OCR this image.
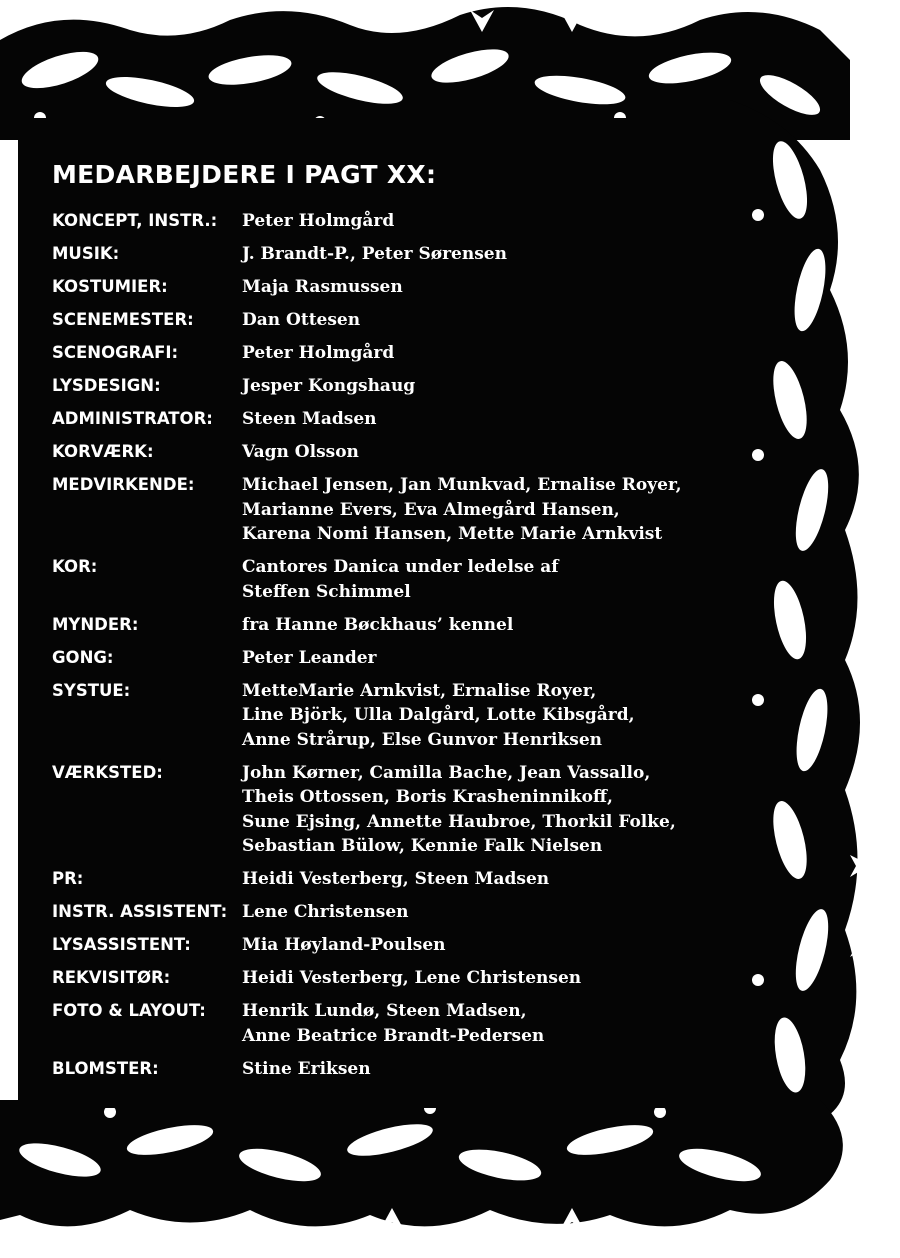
MEDARBEJDERE I PAGT XX:
KONCEPT, INSTR.:	Peter Holmgård
MUSIK:	J. Brandt-P., Peter Sørensen
KOSTUMIER:	Maja Rasmussen
SCENEMESTER:	Dan Ottesen
SCENOGRAFI:	Peter Holmgård
LYSDESIGN:	Jesper Kongshaug
ADMINISTRATOR:	Steen Madsen
KORVÆRK:	Vagn Olsson
MEDVIRKENDE:	Michael Jensen, Jan Munkvad, Ernalise Royer,
Marianne Evers, Eva Almegård Hansen,
Karena Nomi Hansen, Mette Marie Arnkvist
KOR:	Cantores Danica under ledelse af
Steffen Schimmel
MYNDER:	fra Hanne Bøckhaus’ kennel
GONG:	Peter Leander
SYSTUE:	MetteMarie Arnkvist, Ernalise Royer,
Line Björk, Ulla Dalgård, Lotte Kibsgård,
Anne Strårup, Else Gunvor Henriksen
VÆRKSTED:	John Kørner, Camilla Bache, Jean Vassallo,
Theis Ottossen, Boris Krasheninnikoff,
Sune Ejsing, Annette Haubroe, Thorkil Folke,
Sebastian Bülow, Kennie Falk Nielsen
PR:	Heidi Vesterberg, Steen Madsen
INSTR. ASSISTENT: Lene Christensen
LYSASSISTENT:	Mia Høyland-Poulsen
REKVISITØR:	Heidi Vesterberg, Lene Christensen
FOTO & LAYOUT:	Henrik Lundø, Steen Madsen,
Anne Beatrice Brandt-Pedersen
BLOMSTER:	Stine Eriksen
